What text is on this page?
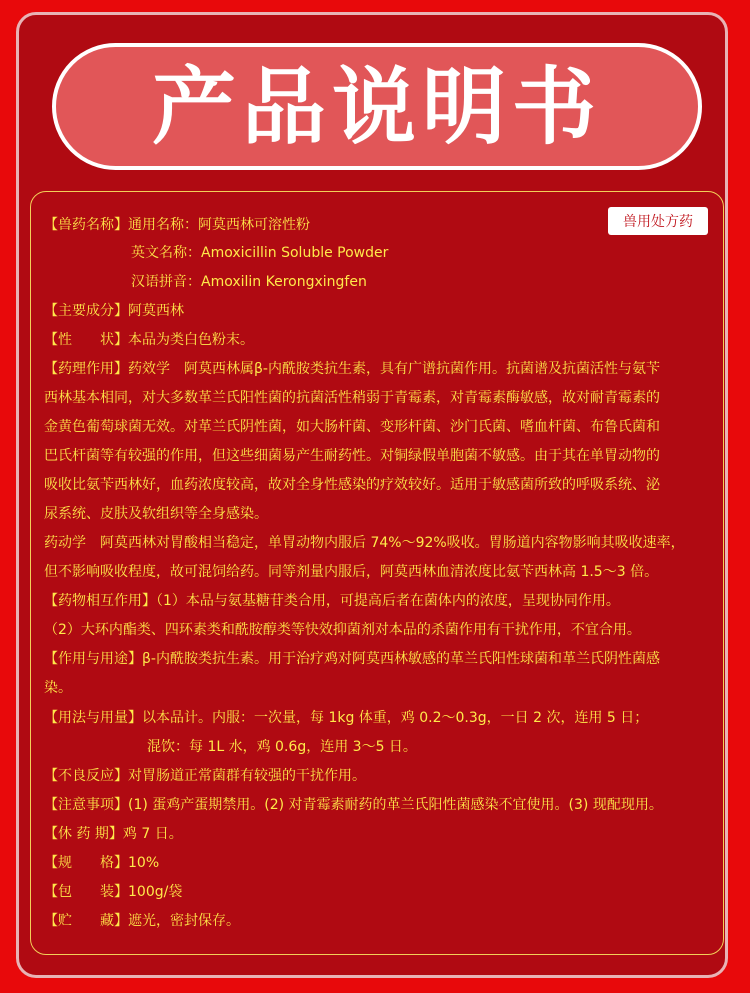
产品说明书
兽用处方药
【兽药名称】通用名称：阿莫西林可溶性粉
英文名称：Amoxicillin Soluble Powder
汉语拼音：Amoxilin Kerongxingfen
【主要成分】阿莫西林
【性　　状】本品为类白色粉末。
【药理作用】药效学　阿莫西林属β-内酰胺类抗生素，具有广谱抗菌作用。抗菌谱及抗菌活性与氨苄
西林基本相同，对大多数革兰氏阳性菌的抗菌活性稍弱于青霉素，对青霉素酶敏感，故对耐青霉素的
金黄色葡萄球菌无效。对革兰氏阴性菌，如大肠杆菌、变形杆菌、沙门氏菌、嗜血杆菌、布鲁氏菌和
巴氏杆菌等有较强的作用，但这些细菌易产生耐药性。对铜绿假单胞菌不敏感。由于其在单胃动物的
吸收比氨苄西林好，血药浓度较高，故对全身性感染的疗效较好。适用于敏感菌所致的呼吸系统、泌
尿系统、皮肤及软组织等全身感染。
药动学　阿莫西林对胃酸相当稳定，单胃动物内服后 74%～92%吸收。胃肠道内容物影响其吸收速率，
但不影响吸收程度，故可混饲给药。同等剂量内服后，阿莫西林血清浓度比氨苄西林高 1.5～3 倍。
【药物相互作用】（1）本品与氨基糖苷类合用，可提高后者在菌体内的浓度，呈现协同作用。
（2）大环内酯类、四环素类和酰胺醇类等快效抑菌剂对本品的杀菌作用有干扰作用，不宜合用。
【作用与用途】β-内酰胺类抗生素。用于治疗鸡对阿莫西林敏感的革兰氏阳性球菌和革兰氏阴性菌感
染。
【用法与用量】以本品计。内服：一次量，每 1kg 体重，鸡 0.2～0.3g，一日 2 次，连用 5 日；
混饮：每 1L 水，鸡 0.6g，连用 3～5 日。
【不良反应】对胃肠道正常菌群有较强的干扰作用。
【注意事项】(1) 蛋鸡产蛋期禁用。(2) 对青霉素耐药的革兰氏阳性菌感染不宜使用。(3) 现配现用。
【休 药 期】鸡 7 日。
【规　　格】10%
【包　　装】100g/袋
【贮　　藏】遮光，密封保存。
